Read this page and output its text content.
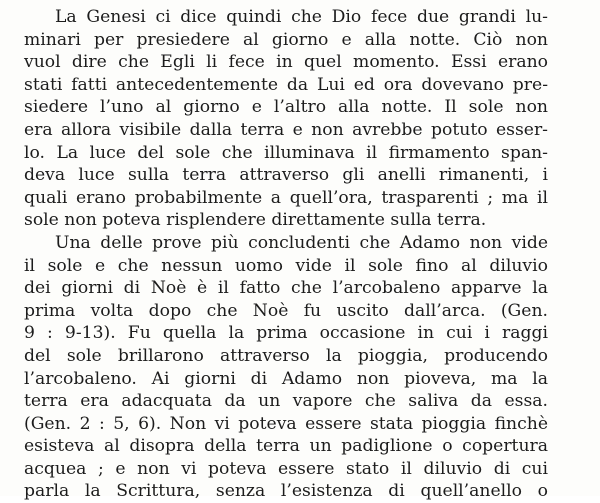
La Genesi ci dice quindi che Dio fece due grandi lu-
minari per presiedere al giorno e alla notte. Ciò non
vuol dire che Egli li fece in quel momento. Essi erano
stati fatti antecedentemente da Lui ed ora dovevano pre-
siedere l’uno al giorno e l’altro alla notte. Il sole non
era allora visibile dalla terra e non avrebbe potuto esser-
lo. La luce del sole che illuminava il firmamento span-
deva luce sulla terra attraverso gli anelli rimanenti, i
quali erano probabilmente a quell’ora, trasparenti ; ma il
sole non poteva risplendere direttamente sulla terra.
Una delle prove più concludenti che Adamo non vide
il sole e che nessun uomo vide il sole fino al diluvio
dei giorni di Noè è il fatto che l’arcobaleno apparve la
prima volta dopo che Noè fu uscito dall’arca. (Gen.
9 : 9-13). Fu quella la prima occasione in cui i raggi
del sole brillarono attraverso la pioggia, producendo
l’arcobaleno. Ai giorni di Adamo non pioveva, ma la
terra era adacquata da un vapore che saliva da essa.
(Gen. 2 : 5, 6). Non vi poteva essere stata pioggia finchè
esisteva al disopra della terra un padiglione o copertura
acquea ; e non vi poteva essere stato il diluvio di cui
parla la Scrittura, senza l’esistenza di quell’anello o
